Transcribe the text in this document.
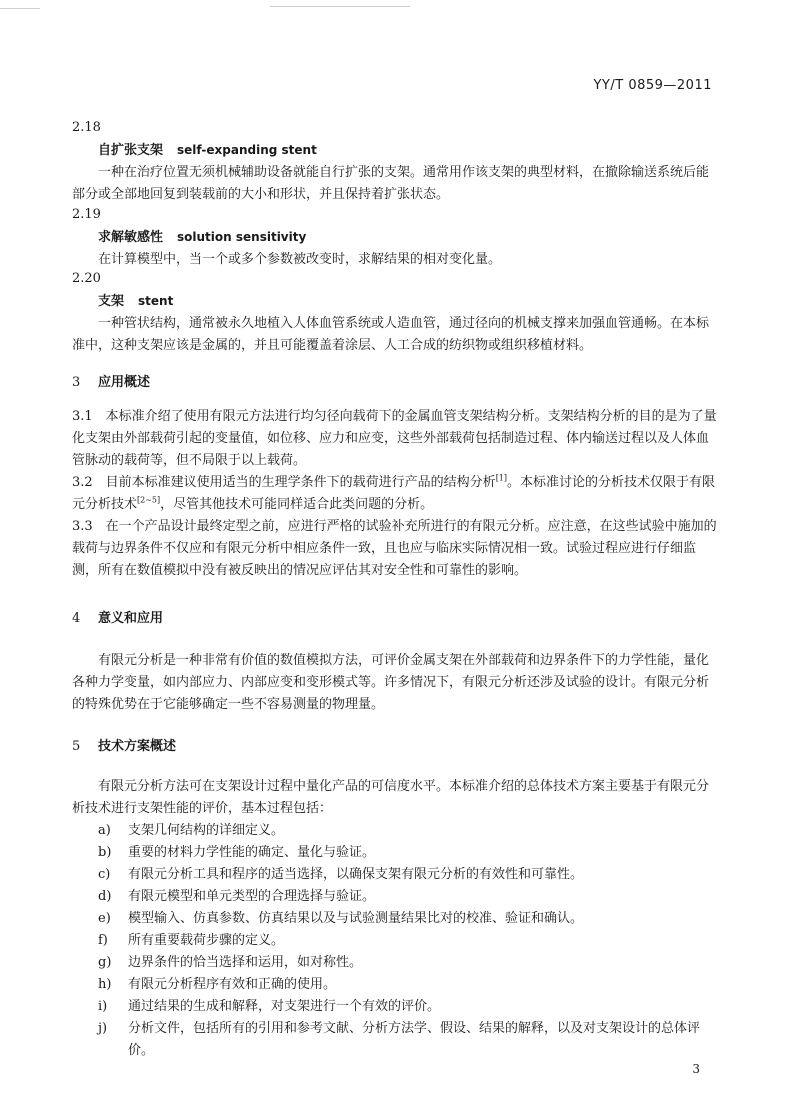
YY/T 0859—2011
2.18
自扩张支架 self-expanding stent

一种在治疗位置无须机械辅助设备就能自行扩张的支架。通常用作该支架的典型材料，在撤除输送系统后能部分或全部地回复到装载前的大小和形状，并且保持着扩张状态。

2.19
求解敏感性 solution sensitivity

在计算模型中，当一个或多个参数被改变时，求解结果的相对变化量。

2.20
支架 stent

一种管状结构，通常被永久地植入人体血管系统或人造血管，通过径向的机械支撑来加强血管通畅。在本标准中，这种支架应该是金属的，并且可能覆盖着涂层、人工合成的纺织物或组织移植材料。

3 应用概述

3.1　本标准介绍了使用有限元方法进行均匀径向载荷下的金属血管支架结构分析。支架结构分析的目的是为了量化支架由外部载荷引起的变量值，如位移、应力和应变，这些外部载荷包括制造过程、体内输送过程以及人体血管脉动的载荷等，但不局限于以上载荷。

3.2　目前本标准建议使用适当的生理学条件下的载荷进行产品的结构分析[1]。本标准讨论的分析技术仅限于有限元分析技术[2~5]，尽管其他技术可能同样适合此类问题的分析。

3.3　在一个产品设计最终定型之前，应进行严格的试验补充所进行的有限元分析。应注意，在这些试验中施加的载荷与边界条件不仅应和有限元分析中相应条件一致，且也应与临床实际情况相一致。试验过程应进行仔细监测，所有在数值模拟中没有被反映出的情况应评估其对安全性和可靠性的影响。

4 意义和应用

有限元分析是一种非常有价值的数值模拟方法，可评价金属支架在外部载荷和边界条件下的力学性能，量化各种力学变量，如内部应力、内部应变和变形模式等。许多情况下，有限元分析还涉及试验的设计。有限元分析的特殊优势在于它能够确定一些不容易测量的物理量。

5 技术方案概述

有限元分析方法可在支架设计过程中量化产品的可信度水平。本标准介绍的总体技术方案主要基于有限元分析技术进行支架性能的评价，基本过程包括：

a) 支架几何结构的详细定义。

b) 重要的材料力学性能的确定、量化与验证。

c) 有限元分析工具和程序的适当选择，以确保支架有限元分析的有效性和可靠性。

d) 有限元模型和单元类型的合理选择与验证。

e) 模型输入、仿真参数、仿真结果以及与试验测量结果比对的校准、验证和确认。

f) 所有重要载荷步骤的定义。

g) 边界条件的恰当选择和运用，如对称性。

h) 有限元分析程序有效和正确的使用。

i) 通过结果的生成和解释，对支架进行一个有效的评价。

j) 分析文件，包括所有的引用和参考文献、分析方法学、假设、结果的解释，以及对支架设计的总体评价。

3
